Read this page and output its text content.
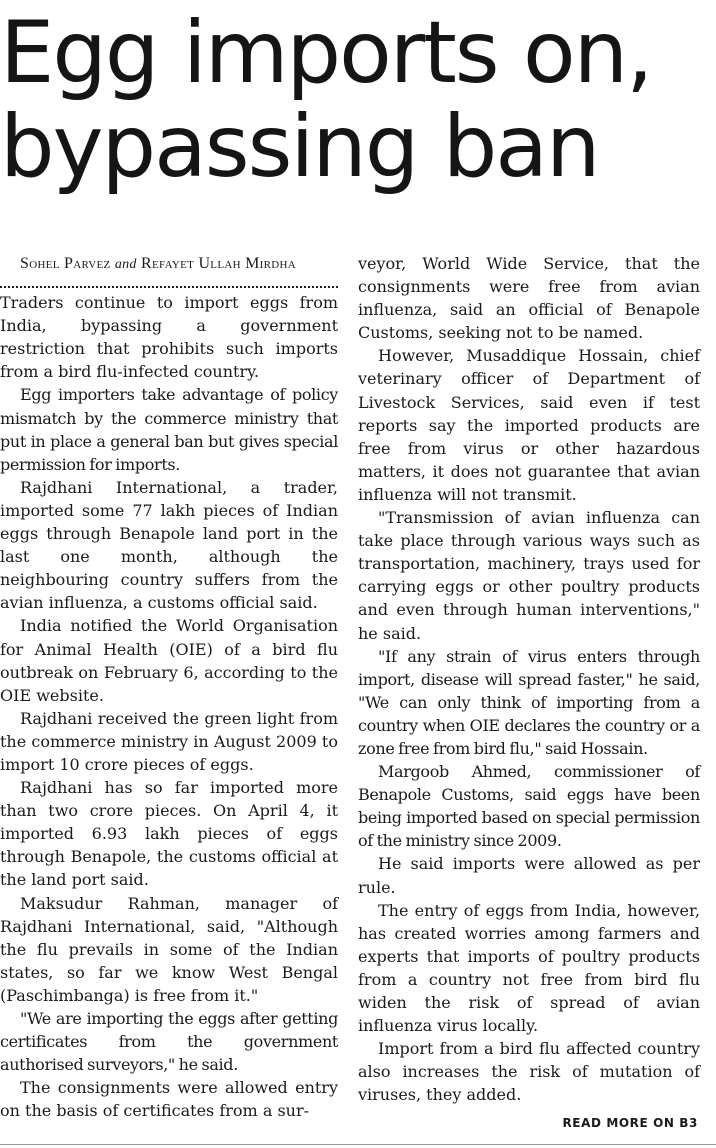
Egg imports on,
bypassing ban

Sohel Parvez and Refayet Ullah Mirdha

Traders continue to import eggs from India, bypassing a government restriction that prohibits such imports from a bird flu-infected country.

Egg importers take advantage of policy mismatch by the commerce ministry that put in place a general ban but gives special permission for imports.

Rajdhani International, a trader, imported some 77 lakh pieces of Indian eggs through Benapole land port in the last one month, although the neighbouring country suffers from the avian influenza, a customs official said.

India notified the World Organisation for Animal Health (OIE) of a bird flu outbreak on February 6, according to the OIE website.

Rajdhani received the green light from the commerce ministry in August 2009 to import 10 crore pieces of eggs.

Rajdhani has so far imported more than two crore pieces. On April 4, it imported 6.93 lakh pieces of eggs through Benapole, the customs official at the land port said.

Maksudur Rahman, manager of Rajdhani International, said, "Although the flu prevails in some of the Indian states, so far we know West Bengal (Paschimbanga) is free from it."

"We are importing the eggs after getting certificates from the government authorised surveyors," he said.

The consignments were allowed entry on the basis of certificates from a sur-

veyor, World Wide Service, that the consignments were free from avian influenza, said an official of Benapole Customs, seeking not to be named.

However, Musaddique Hossain, chief veterinary officer of Department of Livestock Services, said even if test reports say the imported products are free from virus or other hazardous matters, it does not guarantee that avian influenza will not transmit.

"Transmission of avian influenza can take place through various ways such as transportation, machinery, trays used for carrying eggs or other poultry products and even through human interventions," he said.

"If any strain of virus enters through import, disease will spread faster," he said, "We can only think of importing from a country when OIE declares the country or a zone free from bird flu," said Hossain.

Margoob Ahmed, commissioner of Benapole Customs, said eggs have been being imported based on special permission of the ministry since 2009.

He said imports were allowed as per rule.

The entry of eggs from India, however, has created worries among farmers and experts that imports of poultry products from a country not free from bird flu widen the risk of spread of avian influenza virus locally.

Import from a bird flu affected country also increases the risk of mutation of viruses, they added.

READ MORE ON B3
